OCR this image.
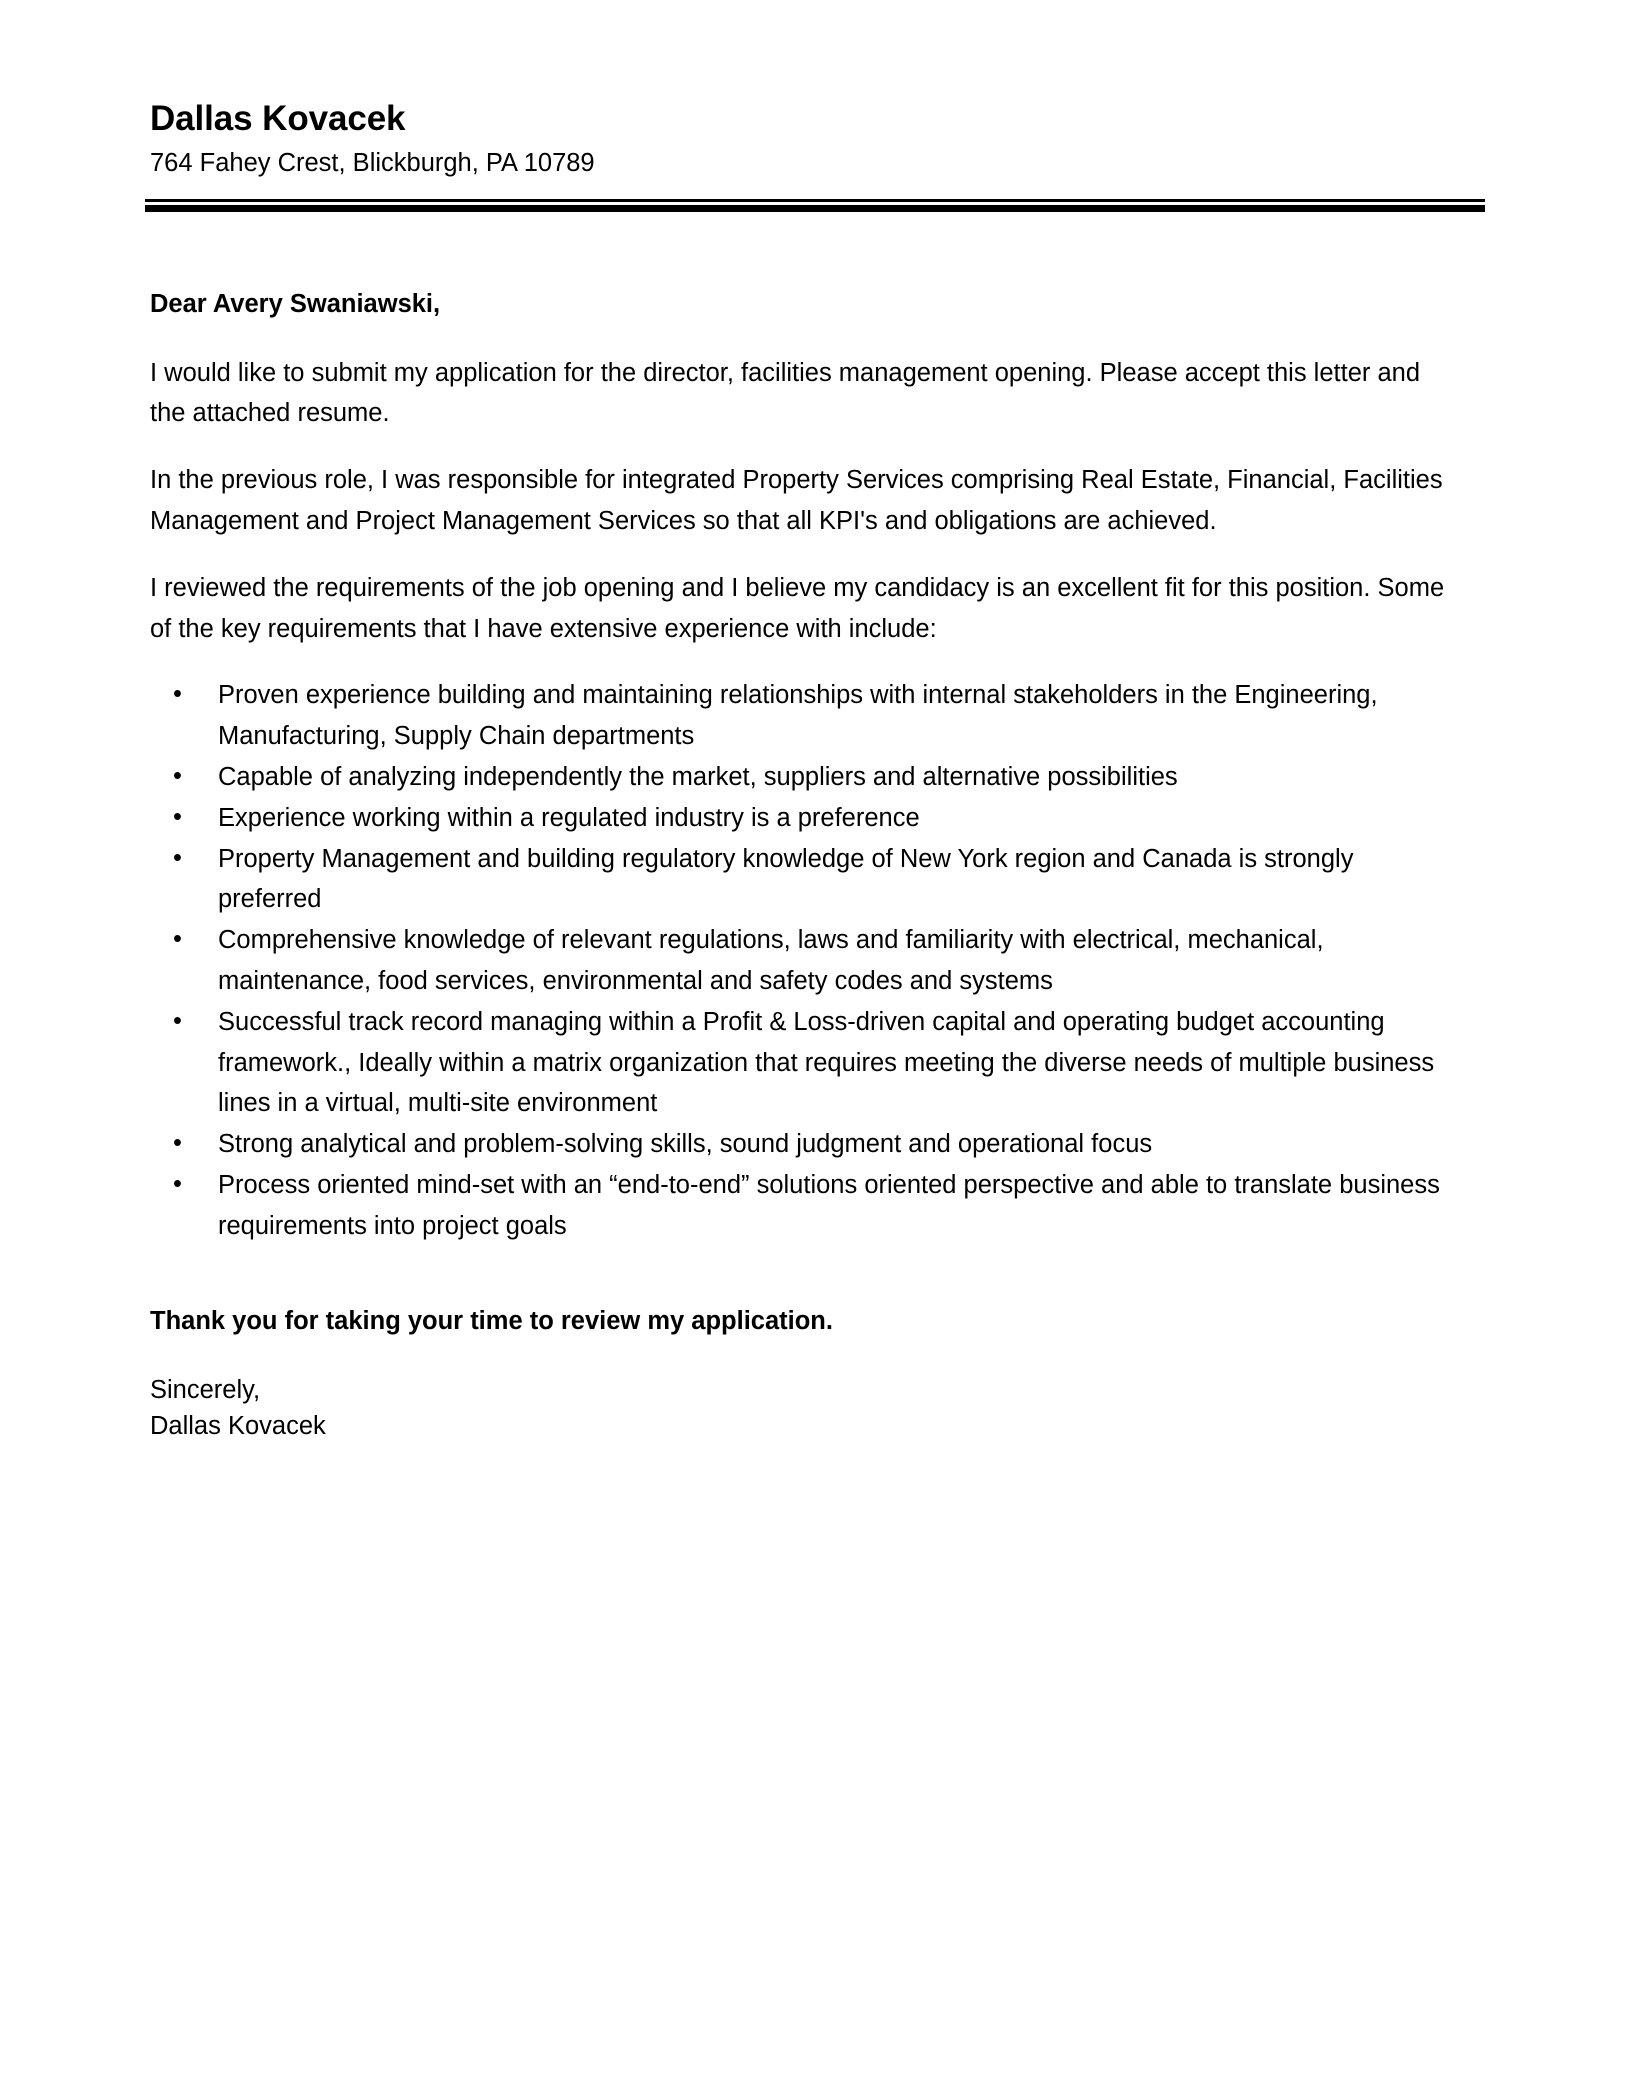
Dallas Kovacek
764 Fahey Crest, Blickburgh, PA 10789
Dear Avery Swaniawski,

I would like to submit my application for the director, facilities management opening. Please accept this letter and the attached resume.

In the previous role, I was responsible for integrated Property Services comprising Real Estate, Financial, Facilities Management and Project Management Services so that all KPI's and obligations are achieved.

I reviewed the requirements of the job opening and I believe my candidacy is an excellent fit for this position. Some of the key requirements that I have extensive experience with include:

• Proven experience building and maintaining relationships with internal stakeholders in the Engineering, Manufacturing, Supply Chain departments
• Capable of analyzing independently the market, suppliers and alternative possibilities
• Experience working within a regulated industry is a preference
• Property Management and building regulatory knowledge of New York region and Canada is strongly preferred
• Comprehensive knowledge of relevant regulations, laws and familiarity with electrical, mechanical, maintenance, food services, environmental and safety codes and systems
• Successful track record managing within a Profit & Loss-driven capital and operating budget accounting framework., Ideally within a matrix organization that requires meeting the diverse needs of multiple business lines in a virtual, multi-site environment
• Strong analytical and problem-solving skills, sound judgment and operational focus
• Process oriented mind-set with an “end-to-end” solutions oriented perspective and able to translate business requirements into project goals
Thank you for taking your time to review my application.
Sincerely,
Dallas Kovacek
